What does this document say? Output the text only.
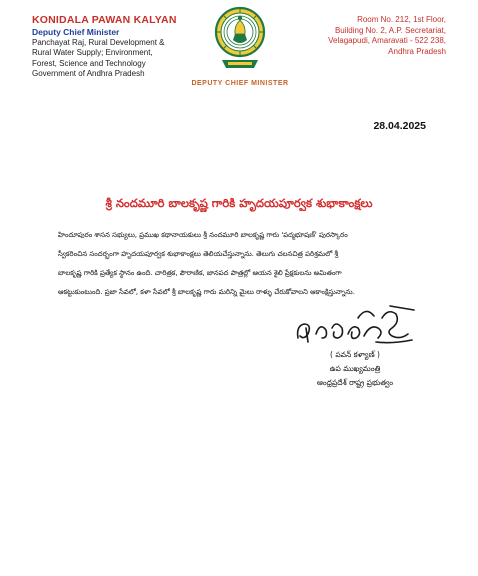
KONIDALA PAWAN KALYAN
Deputy Chief Minister
Panchayat Raj, Rural Development &
Rural Water Supply; Environment,
Forest, Science and Technology
Government of Andhra Pradesh
DEPUTY CHIEF MINISTER
Room No. 212, 1st Floor,
Building No. 2, A.P. Secretariat,
Velagapudi, Amaravati - 522 238,
Andhra Pradesh
28.04.2025
శ్రీ నందమూరి బాలకృష్ణ గారికి హృదయపూర్వక శుభాకాంక్షలు
హిందూపురం శాసన సభ్యులు, ప్రముఖ కథానాయకులు శ్రీ నందమూరి బాలకృష్ణ గారు 'పద్మభూషణ్' పురస్కారం
స్వీకరించిన సందర్భంగా హృదయపూర్వక శుభాకాంక్షలు తెలియచేస్తున్నాను. తెలుగు చలనచిత్ర పరిశ్రమలో శ్రీ
బాలకృష్ణ గారికి ప్రత్యేక స్థానం ఉంది. చారిత్రక, పౌరాణిక, జానపద పాత్రల్లో ఆయన శైలి ప్రేక్షకులను అమితంగా
ఆకట్టుకుంటుంది. ప్రజా సేవలో, కళా సేవలో శ్రీ బాలకృష్ణ గారు మరిన్ని మైలు రాళ్ళు చేరుకోవాలని ఆకాంక్షిస్తున్నాను.
( పవన్ కళ్యాణ్ )
ఉప ముఖ్యమంత్రి
ఆంధ్రప్రదేశ్ రాష్ట్ర ప్రభుత్వం
